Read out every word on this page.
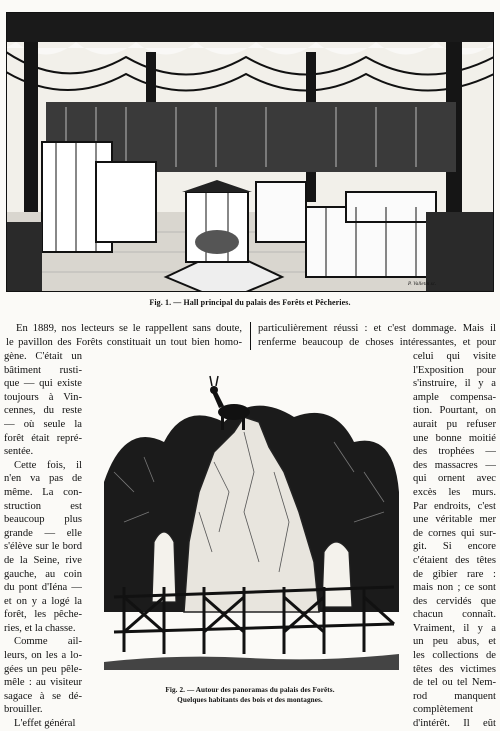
P. Valletin sc.
Fig. 1. — Hall principal du palais des Forêts et Pêcheries.
En 1889, nos lecteurs se le rappellent sans doute,
le pavillon des Forêts constituait un tout bien homo-
particulièrement réussi : et c'est dommage. Mais il
renferme beaucoup de choses intéressantes, et pour
gène. C'était un
bâtiment rusti-
que — qui existe
toujours à Vin-
cennes, du reste
— où seule la
forêt était repré-
sentée.
Cette fois, il
n'en va pas de
même. La con-
struction est
beaucoup plus
grande — elle
s'élève sur le bord
de la Seine, rive
gauche, au coin
du pont d'Iéna —
et on y a logé la
forêt, les pêche-
ries, et la chasse.
Comme ail-
leurs, on les a lo-
gées un peu pêle-
mêle : au visiteur
sagace à se dé-
brouiller.
L'effet général
Fig. 2. — Autour des panoramas du palais des Forêts.
Quelques habitants des bois et des montagnes.
celui qui visite
l'Exposition pour
s'instruire, il y a
ample compensa-
tion. Pourtant, on
aurait pu refuser
une bonne moitié
des trophées —
des massacres —
qui ornent avec
excès les murs.
Par endroits, c'est
une véritable mer
de cornes qui sur-
git. Si encore
c'étaient des têtes
de gibier rare :
mais non ; ce sont
des cervidés que
chacun connaît.
Vraiment, il y a
un peu abus, et
les collections de
têtes des victimes
de tel ou tel Nem-
rod manquent
complètement
d'intérêt. Il eût
